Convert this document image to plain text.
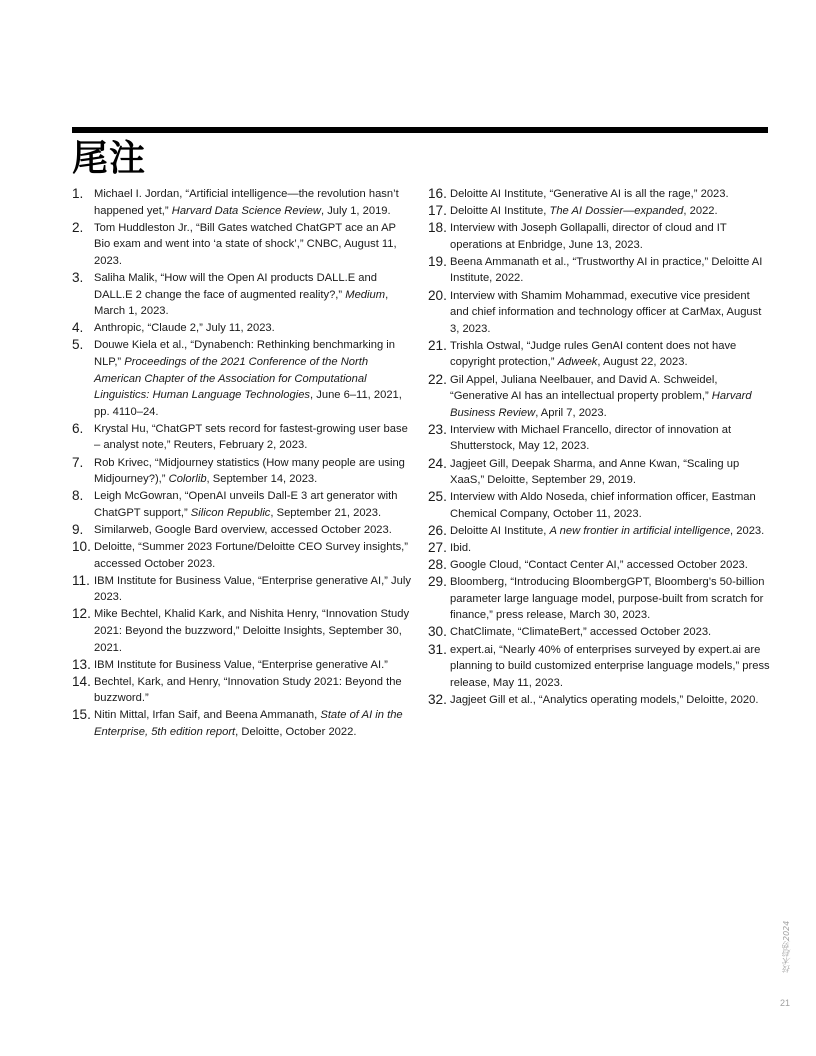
尾注
1. Michael I. Jordan, “Artificial intelligence—the revolution hasn’t happened yet,” Harvard Data Science Review, July 1, 2019.
2. Tom Huddleston Jr., “Bill Gates watched ChatGPT ace an AP Bio exam and went into ‘a state of shock’,” CNBC, August 11, 2023.
3. Saliha Malik, “How will the Open AI products DALL.E and DALL.E 2 change the face of augmented reality?,” Medium, March 1, 2023.
4. Anthropic, “Claude 2,” July 11, 2023.
5. Douwe Kiela et al., “Dynabench: Rethinking benchmarking in NLP,” Proceedings of the 2021 Conference of the North American Chapter of the Association for Computational Linguistics: Human Language Technologies, June 6–11, 2021, pp. 4110–24.
6. Krystal Hu, “ChatGPT sets record for fastest-growing user base – analyst note,” Reuters, February 2, 2023.
7. Rob Krivec, “Midjourney statistics (How many people are using Midjourney?),” Colorlib, September 14, 2023.
8. Leigh McGowran, “OpenAI unveils Dall-E 3 art generator with ChatGPT support,” Silicon Republic, September 21, 2023.
9. Similarweb, Google Bard overview, accessed October 2023.
10. Deloitte, “Summer 2023 Fortune/Deloitte CEO Survey insights,” accessed October 2023.
11. IBM Institute for Business Value, “Enterprise generative AI,” July 2023.
12. Mike Bechtel, Khalid Kark, and Nishita Henry, “Innovation Study 2021: Beyond the buzzword,” Deloitte Insights, September 30, 2021.
13. IBM Institute for Business Value, “Enterprise generative AI.”
14. Bechtel, Kark, and Henry, “Innovation Study 2021: Beyond the buzzword.”
15. Nitin Mittal, Irfan Saif, and Beena Ammanath, State of AI in the Enterprise, 5th edition report, Deloitte, October 2022.
16. Deloitte AI Institute, “Generative AI is all the rage,” 2023.
17. Deloitte AI Institute, The AI Dossier—expanded, 2022.
18. Interview with Joseph Gollapalli, director of cloud and IT operations at Enbridge, June 13, 2023.
19. Beena Ammanath et al., “Trustworthy AI in practice,” Deloitte AI Institute, 2022.
20. Interview with Shamim Mohammad, executive vice president and chief information and technology officer at CarMax, August 3, 2023.
21. Trishla Ostwal, “Judge rules GenAI content does not have copyright protection,” Adweek, August 22, 2023.
22. Gil Appel, Juliana Neelbauer, and David A. Schweidel, “Generative AI has an intellectual property problem,” Harvard Business Review, April 7, 2023.
23. Interview with Michael Francello, director of innovation at Shutterstock, May 12, 2023.
24. Jagjeet Gill, Deepak Sharma, and Anne Kwan, “Scaling up XaaS,” Deloitte, September 29, 2019.
25. Interview with Aldo Noseda, chief information officer, Eastman Chemical Company, October 11, 2023.
26. Deloitte AI Institute, A new frontier in artificial intelligence, 2023.
27. Ibid.
28. Google Cloud, “Contact Center AI,” accessed October 2023.
29. Bloomberg, “Introducing BloombergGPT, Bloomberg’s 50-billion parameter large language model, purpose-built from scratch for finance,” press release, March 30, 2023.
30. ChatClimate, “ClimateBert,” accessed October 2023.
31. expert.ai, “Nearly 40% of enterprises surveyed by expert.ai are planning to build customized enterprise language models,” press release, May 11, 2023.
32. Jagjeet Gill et al., “Analytics operating models,” Deloitte, 2020.
技术趋势2024
21
